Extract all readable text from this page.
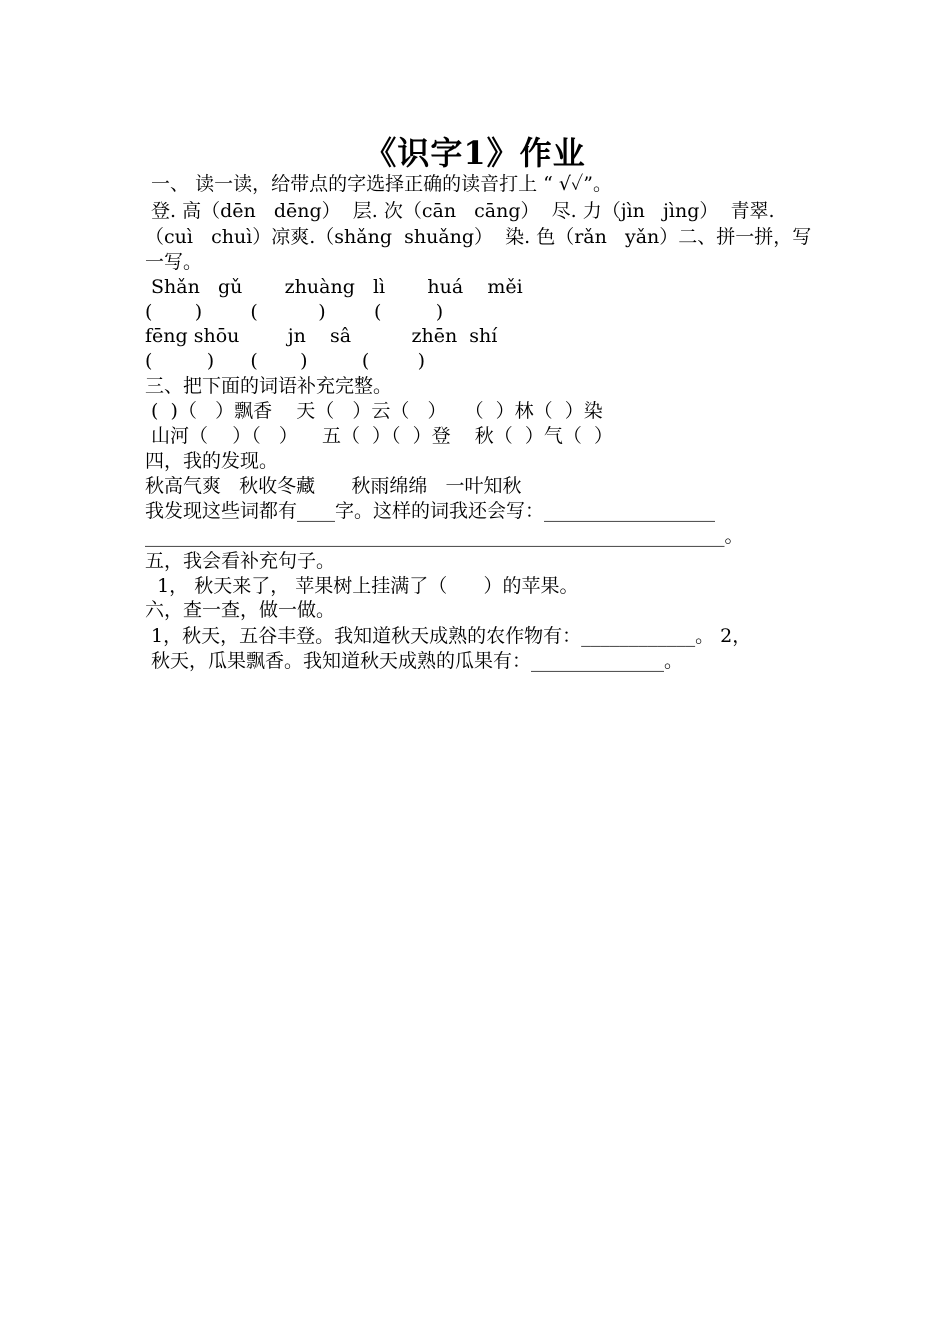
《识字1》作业
一、 读一读，给带点的字选择正确的读音打上 “ √✓”。
登. 高（dēn   dēng）  层. 次（cān   cāng）  尽. 力（jìn   jìng）  青翠.
（cuì   chuì）凉爽.（shǎng  shuǎng）  染. 色（rǎn   yǎn）二、拼一拼，写
一写。
Shǎn   gǔ       zhuàng   lì       huá    měi
(       )        (          )        (         )
fēng shōu        jn    sâ          zhēn  shí
(         )      (       )         (        )
三、把下面的词语补充完整。
(  )（   ）飘香    天（   ）云（   ）   （  ）林（  ）染
山河（    ）（   ）    五（  ）（  ）登    秋（  ）气（  ）
四，我的发现。
秋高气爽   秋收冬藏      秋雨绵绵   一叶知秋
我发现这些词都有____字。这样的词我还会写：__________________
_____________________________________________________________。
五，我会看补充句子。
1， 秋天来了， 苹果树上挂满了（      ）的苹果。
六，查一查，做一做。
1，秋天，五谷丰登。我知道秋天成熟的农作物有：____________。 2，
秋天，瓜果飘香。我知道秋天成熟的瓜果有：______________。
